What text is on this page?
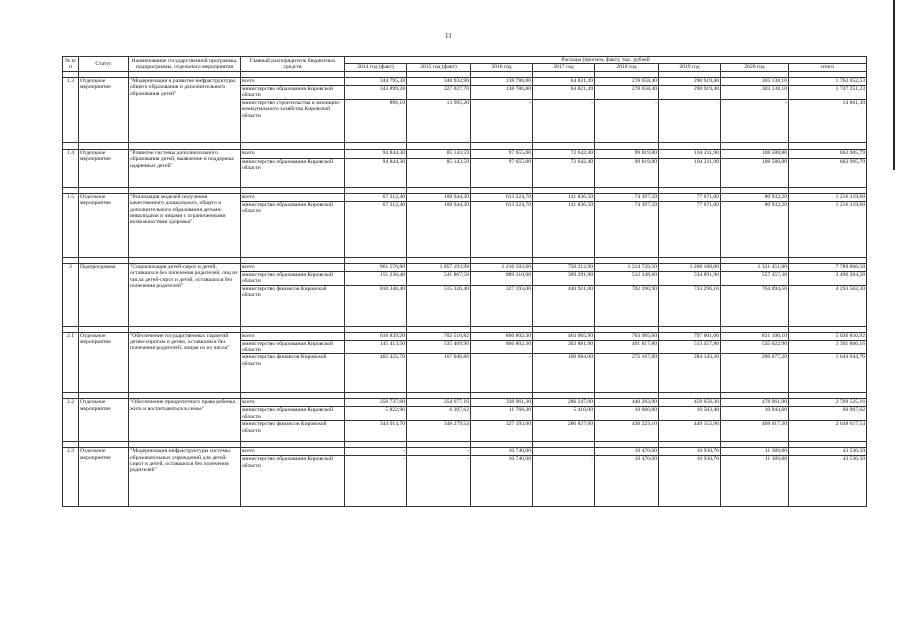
11
№ п/п	Статус	Наименование государственной программы, подпрограммы, отдельного мероприятия	Главный распорядитель бюджетных средств	Расходы (прогноз, факт), тыс. рублей							
				2014 год (факт)	2015 год (факт)	2016 год	2017 год	2018 год	2019 год	2020 год	итого

1.3	Отдельное мероприятие	"Модернизация и развитие инфраструктуры общего образования и дополнительного образования детей"	всего	344 795,38	340 932,96	138 786,80	64 821,49	278 658,40	290 919,40	303 138,10	1 762 052,53
			министерство образования Кировской области	343 899,28	327 027,76	138 786,80	64 821,49	278 658,40	290 919,40	303 138,10	1 747 251,23
			министерство строительства и жилищно-коммунального хозяйства Кировской области	896,10	13 905,20	-	-	-	-	-	14 801,30

1.4	Отдельное мероприятие	"Развитие системы дополнительного образования детей, выявление и поддержка одаренных детей"	всего	94 844,30	85 143,59	97 655,00	72 642,40	99 819,80	104 211,90	108 588,80	662 905,79
			министерство образования Кировской области	94 844,30	85 143,59	97 655,00	72 642,40	99 819,80	104 211,90	108 588,80	662 905,79

1.5	Отдельное мероприятие	"Реализация моделей получения качественного дошкольного, общего и дополнительного образования детьми-инвалидами и лицами с ограниченными возможностями здоровья"	всего	67 312,40	160 944,30	613 224,70	141 836,50	74 397,50	77 671,00	80 933,20	1 216 319,60
			министерство образования Кировской области	67 312,40	160 944,30	613 224,70	141 836,50	74 397,50	77 671,00	80 933,20	1 216 319,60

2	Подпрограмма	"Социализация детей-сирот и детей, оставшихся без попечения родителей, лиц из числа детей-сирот и детей, оставшихся без попечения родителей"	всего	961 576,80	1 057 193,98	1 216 503,60	750 212,90	1 214 739,50	1 268 188,00	1 321 451,80	7 789 866,58
			министерство образования Кировской области	151 236,40	541 867,58	889 310,60	309 291,90	512 348,60	534 891,90	557 357,30	3 496 304,28
			министерство финансов Кировской области	810 340,40	515 326,40	327 193,00	440 921,00	702 390,90	733 296,10	764 094,50	4 293 562,30

2.1	Отдельное мероприятие	"Обеспечение государственных гарантий детям-сиротам и детям, оставшимся без попечения родителей, лицам из их числа"	всего	610 839,20	702 516,82	866 802,30	463 965,90	763 985,60	797 601,00	831 100,10	5 036 810,92
			министерство образования Кировской области	145 413,50	535 469,96	866 802,30	303 881,90	491 817,80	513 457,80	535 022,90	3 391 866,16
			министерство финансов Кировской области	465 425,70	167 046,86	-	160 084,00	272 167,80	284 143,20	296 077,20	1 644 944,76

2.2	Отдельное мероприятие	"Обеспечение приоритетного права ребенка жить и воспитываться в семье"	всего	350 737,60	354 677,16	338 961,30	286 247,00	440 283,90	459 656,30	478 961,90	2 709 525,16
			министерство образования Кировской области	5 822,90	6 397,62	11 768,30	5 410,00	10 060,80	10 503,40	10 944,60	60 907,62
			министерство финансов Кировской области	344 914,70	348 279,54	327 193,00	280 837,00	430 223,10	449 152,90	468 017,30	2 648 617,54

2.3	Отдельное мероприятие	"Модернизация инфраструктуры системы образовательных учреждений для детей-сирот и детей, оставшихся без попечения родителей"	всего	-	-	10 740,00	-	10 470,00	10 930,70	11 389,80	43 530,50
			министерство образования Кировской области	-	-	10 740,00	-	10 470,00	10 930,70	11 389,80	43 530,50
